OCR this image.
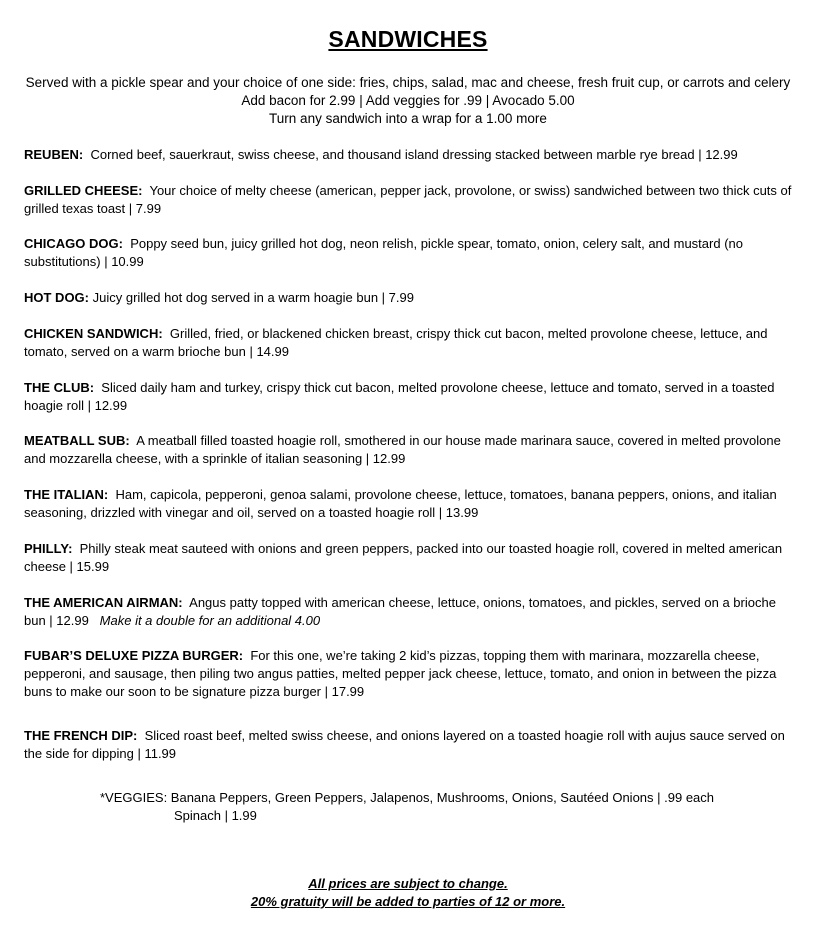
SANDWICHES
Served with a pickle spear and your choice of one side: fries, chips, salad, mac and cheese, fresh fruit cup, or carrots and celery
Add bacon for 2.99 | Add veggies for .99 | Avocado 5.00
Turn any sandwich into a wrap for a 1.00 more

REUBEN: Corned beef, sauerkraut, swiss cheese, and thousand island dressing stacked between marble rye bread | 12.99

GRILLED CHEESE: Your choice of melty cheese (american, pepper jack, provolone, or swiss) sandwiched between two thick cuts of grilled texas toast | 7.99

CHICAGO DOG: Poppy seed bun, juicy grilled hot dog, neon relish, pickle spear, tomato, onion, celery salt, and mustard (no substitutions) | 10.99

HOT DOG: Juicy grilled hot dog served in a warm hoagie bun | 7.99

CHICKEN SANDWICH: Grilled, fried, or blackened chicken breast, crispy thick cut bacon, melted provolone cheese, lettuce, and tomato, served on a warm brioche bun | 14.99

THE CLUB: Sliced daily ham and turkey, crispy thick cut bacon, melted provolone cheese, lettuce and tomato, served in a toasted hoagie roll | 12.99

MEATBALL SUB: A meatball filled toasted hoagie roll, smothered in our house made marinara sauce, covered in melted provolone and mozzarella cheese, with a sprinkle of italian seasoning | 12.99

THE ITALIAN: Ham, capicola, pepperoni, genoa salami, provolone cheese, lettuce, tomatoes, banana peppers, onions, and italian seasoning, drizzled with vinegar and oil, served on a toasted hoagie roll | 13.99

PHILLY: Philly steak meat sauteed with onions and green peppers, packed into our toasted hoagie roll, covered in melted american cheese | 15.99

THE AMERICAN AIRMAN: Angus patty topped with american cheese, lettuce, onions, tomatoes, and pickles, served on a brioche bun | 12.99 Make it a double for an additional 4.00

FUBAR’S DELUXE PIZZA BURGER: For this one, we’re taking 2 kid’s pizzas, topping them with marinara, mozzarella cheese, pepperoni, and sausage, then piling two angus patties, melted pepper jack cheese, lettuce, tomato, and onion in between the pizza buns to make our soon to be signature pizza burger | 17.99

THE FRENCH DIP: Sliced roast beef, melted swiss cheese, and onions layered on a toasted hoagie roll with aujus sauce served on the side for dipping | 11.99

*VEGGIES: Banana Peppers, Green Peppers, Jalapenos, Mushrooms, Onions, Sautéed Onions | .99 each
Spinach | 1.99
All prices are subject to change.
20% gratuity will be added to parties of 12 or more.
